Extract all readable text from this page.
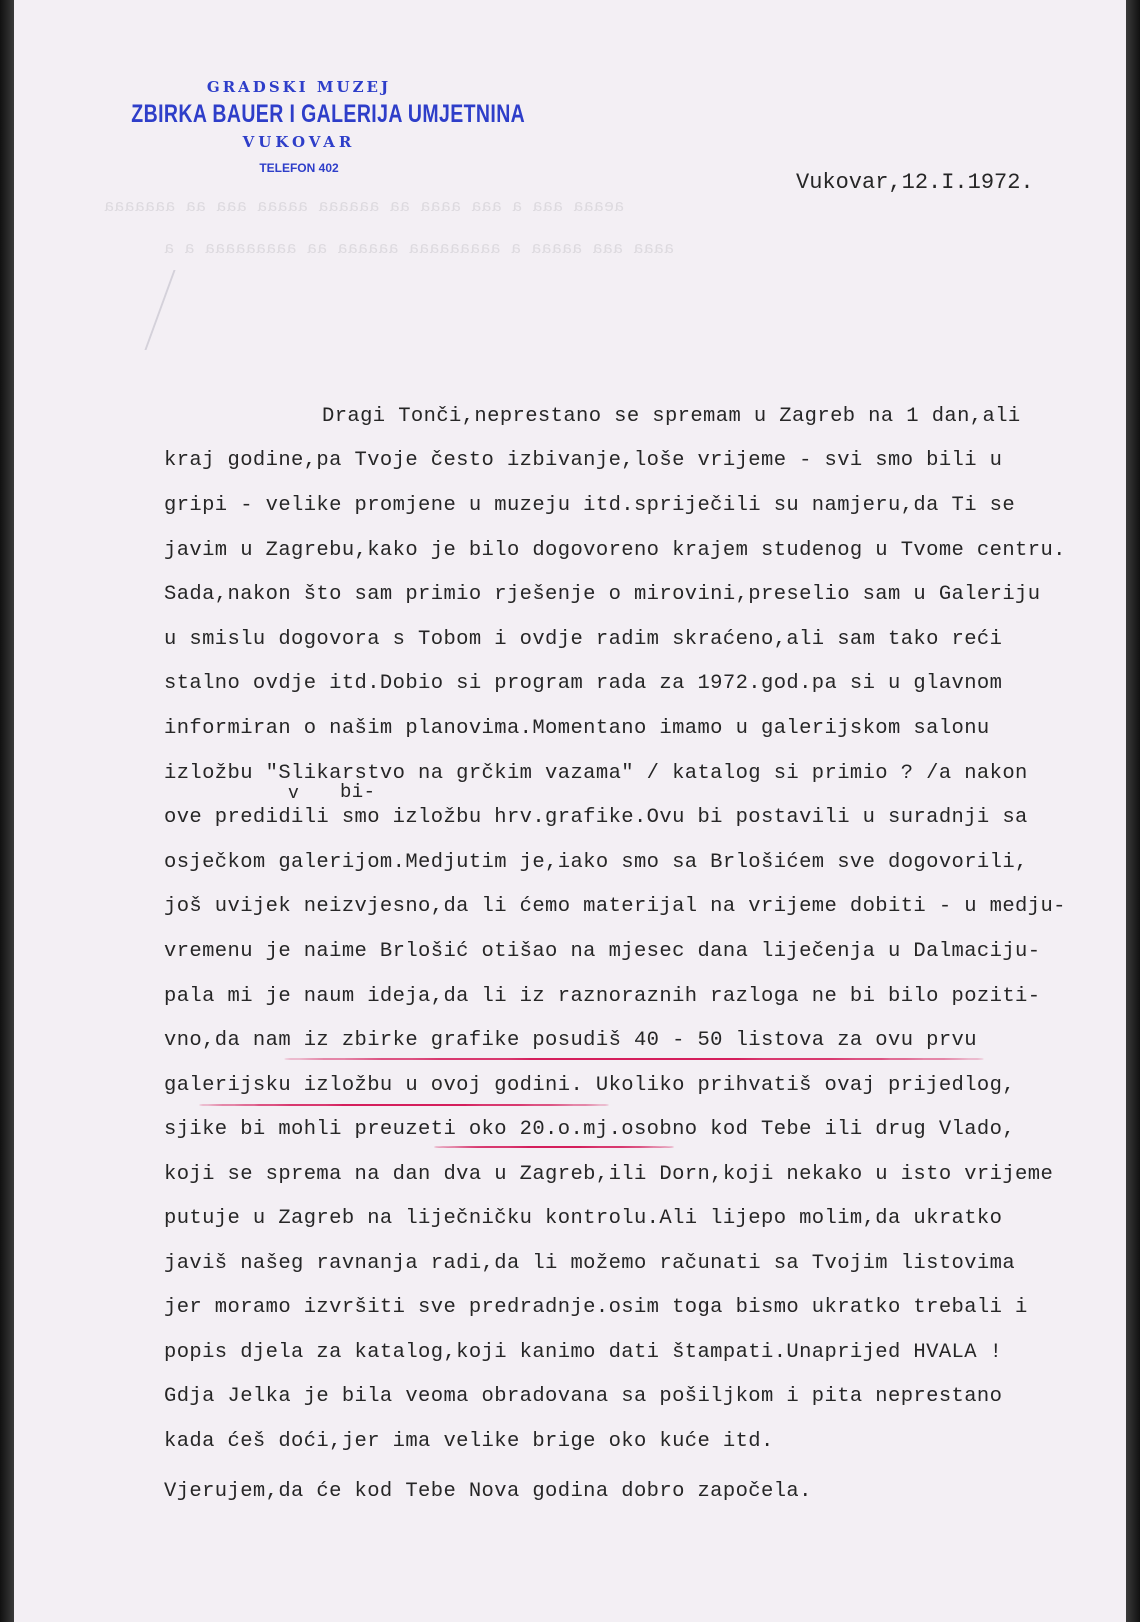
aeaaa aaa a aaa aaaa aa aaaaaa aaaaa aaa aa aaaaaaa
aaaa aaa aaaaa a aaaaaaaaa aaaaaa aa aaaaaaaaa a a
GRADSKI MUZEJ
ZBIRKA BAUER I GALERIJA UMJETNINA
VUKOVAR
TELEFON 402
Vukovar,12.I.1972.
Dragi Tonči,neprestano se spremam u Zagreb na 1 dan,ali
kraj godine,pa Tvoje često izbivanje,loše vrijeme - svi smo bili u
gripi - velike promjene u muzeju itd.spriječili su namjeru,da Ti se
javim u Zagrebu,kako je bilo dogovoreno krajem studenog u Tvome centru.
Sada,nakon što sam primio rješenje o mirovini,preselio sam u Galeriju
u smislu dogovora s Tobom i ovdje radim skraćeno,ali sam tako reći
stalno ovdje itd.Dobio si program rada za 1972.god.pa si u glavnom
informiran o našim planovima.Momentano imamo u galerijskom salonu
izložbu "Slikarstvo na grčkim vazama" / katalog si primio ? /a nakon
v bi-
ove predidili smo izložbu hrv.grafike.Ovu bi postavili u suradnji sa
osječkom galerijom.Medjutim je,iako smo sa Brlošićem sve dogovorili,
još uvijek neizvjesno,da li ćemo materijal na vrijeme dobiti - u medju-
vremenu je naime Brlošić otišao na mjesec dana liječenja u Dalmaciju-
pala mi je naum ideja,da li iz raznoraznih razloga ne bi bilo poziti-
vno,da nam iz zbirke grafike posudiš 40 - 50 listova za ovu prvu
galerijsku izložbu u ovoj godini. Ukoliko prihvatiš ovaj prijedlog,
sjike bi mohli preuzeti oko 20.o.mj.osobno kod Tebe ili drug Vlado,
koji se sprema na dan dva u Zagreb,ili Dorn,koji nekako u isto vrijeme
putuje u Zagreb na liječničku kontrolu.Ali lijepo molim,da ukratko
javiš našeg ravnanja radi,da li možemo računati sa Tvojim listovima
jer moramo izvršiti sve predradnje.osim toga bismo ukratko trebali i
popis djela za katalog,koji kanimo dati štampati.Unaprijed HVALA !
Gdja Jelka je bila veoma obradovana sa pošiljkom i pita neprestano
kada ćeš doći,jer ima velike brige oko kuće itd.
Vjerujem,da će kod Tebe Nova godina dobro započela.
